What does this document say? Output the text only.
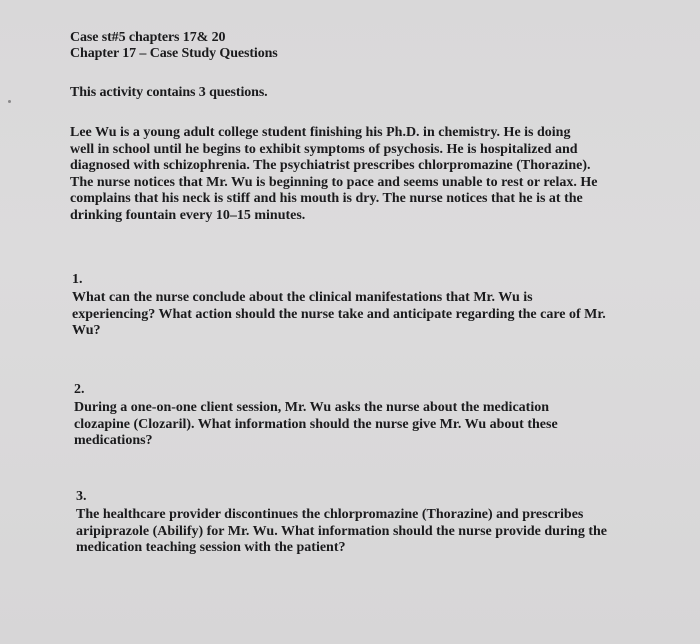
Case st#5 chapters 17& 20
Chapter 17 – Case Study Questions
This activity contains 3 questions.
Lee Wu is a young adult college student finishing his Ph.D. in chemistry. He is doing
well in school until he begins to exhibit symptoms of psychosis. He is hospitalized and
diagnosed with schizophrenia. The psychiatrist prescribes chlorpromazine (Thorazine).
The nurse notices that Mr. Wu is beginning to pace and seems unable to rest or relax. He
complains that his neck is stiff and his mouth is dry. The nurse notices that he is at the
drinking fountain every 10–15 minutes.
1.
What can the nurse conclude about the clinical manifestations that Mr. Wu is
experiencing? What action should the nurse take and anticipate regarding the care of Mr.
Wu?
2.
During a one-on-one client session, Mr. Wu asks the nurse about the medication
clozapine (Clozaril). What information should the nurse give Mr. Wu about these
medications?
3.
The healthcare provider discontinues the chlorpromazine (Thorazine) and prescribes
aripiprazole (Abilify) for Mr. Wu. What information should the nurse provide during the
medication teaching session with the patient?
